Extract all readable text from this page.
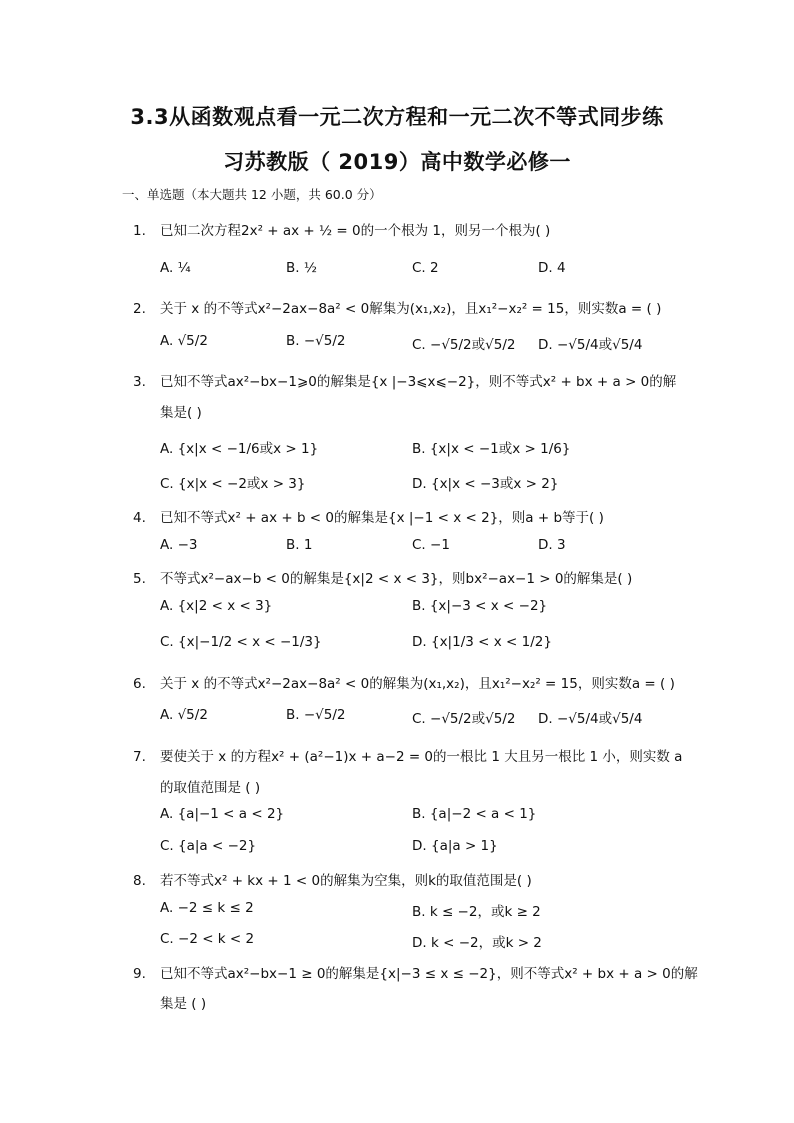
3.3从函数观点看一元二次方程和一元二次不等式同步练
习苏教版（ 2019）高中数学必修一
一、单选题（本大题共 12 小题，共 60.0 分）
1. 已知二次方程2x² + ax + ½ = 0的一个根为 1，则另一个根为( )
A. ¼	B. ½	C. 2	D. 4
2. 关于 x 的不等式x²−2ax−8a² < 0解集为(x₁,x₂)，且x₁²−x₂² = 15，则实数a = ( )
A. √5/2	B. −√5/2	C. −√5/2或√5/2 D. −√5/4或√5/4
3. 已知不等式ax²−bx−1⩾0的解集是{x |−3⩽x⩽−2}，则不等式x² + bx + a > 0的解
集是( )
A. {x|x < −1/6或x > 1}	B. {x|x < −1或x > 1/6}
C. {x|x < −2或x > 3}	D. {x|x < −3或x > 2}
4. 已知不等式x² + ax + b < 0的解集是{x |−1 < x < 2}，则a + b等于( )
A. −3	B. 1	C. −1	D. 3
5. 不等式x²−ax−b < 0的解集是{x|2 < x < 3}，则bx²−ax−1 > 0的解集是( )
A. {x|2 < x < 3}	B. {x|−3 < x < −2}
C. {x|−1/2 < x < −1/3}	D. {x|1/3 < x < 1/2}
6. 关于 x 的不等式x²−2ax−8a² < 0的解集为(x₁,x₂)，且x₁²−x₂² = 15，则实数a = ( )
A. √5/2	B. −√5/2	C. −√5/2或√5/2 D. −√5/4或√5/4
7. 要使关于 x 的方程x² + (a²−1)x + a−2 = 0的一根比 1 大且另一根比 1 小，则实数 a
的取值范围是 ( )
A. {a|−1 < a < 2}	B. {a|−2 < a < 1}
C. {a|a < −2}	D. {a|a > 1}
8. 若不等式x² + kx + 1 < 0的解集为空集，则k的取值范围是( )
A. −2 ≤ k ≤ 2	B. k ≤ −2，或k ≥ 2
C. −2 < k < 2	D. k < −2，或k > 2
9. 已知不等式ax²−bx−1 ≥ 0的解集是{x|−3 ≤ x ≤ −2}，则不等式x² + bx + a > 0的解
集是 ( )
